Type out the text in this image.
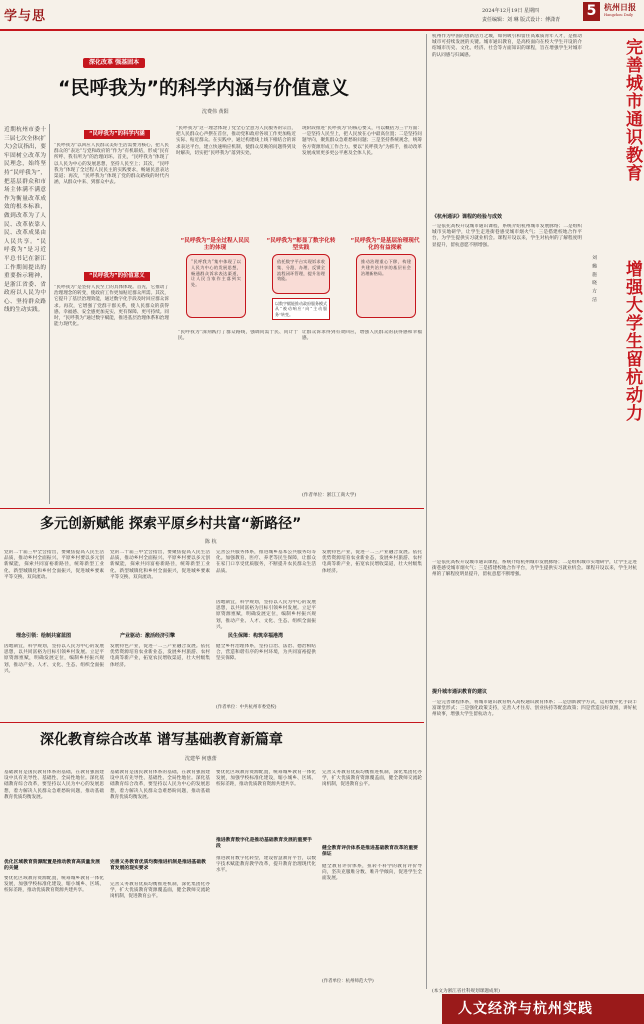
学与思	2024年12月19日 星期四
责任编辑：刘 琳 版式设计：傅潇青
5 杭州日报
Hangzhou Daily
深化改革 强基固本
“民呼我为”的科学内涵与价值意义
沈费伟 黄阳
近期杭州市委十三届七次全体(扩大)会议指出，要牢固树立改革为民理念，始终坚持“民呼我为”，把基层群众和市场主体满不满意作为衡量改革成效的根本标准，做到改革为了人民、改革依靠人民、改革成果由人民共享。“民呼我为”是习近平总书记在浙江工作期间提出的重要指示精神，是浙江省委、省政府以人民为中心、坚持群众路线的生动实践。
“民呼我为”的科学内涵
“民呼我为”以回应人民群众美好生活需要为核心，把人民群众的“表达”与党和政府的“作为”有机联结，形成“民有所呼、我有所为”的治理闭环。首先，“民呼我为”体现了以人民为中心的发展思想，坚持人民至上；其次，“民呼我为”体现了全过程人民民主的实践要求，畅通民意表达渠道；再次，“民呼我为”体现了党的群众路线的时代内涵，从群众中来、到群众中去。
“民呼我为”的价值意义
“民呼我为”是坚持人民至上的具体体现。首先，它推动了治理理念的转变，使政府工作更加贴近群众所需。其次，它提升了基层治理效能，通过数字化手段及时回应群众诉求。再次，它增强了党群干群关系，使人民群众的获得感、幸福感、安全感更加充实、更有保障、更可持续。同时，“民呼我为”通过数字赋能，推进基层治理体系和治理能力现代化。
“民呼我为”这一理念体现了党全心全意为人民服务的宗旨，把人民群众心声摆在首位，推动党和政府各项工作更加贴近实际、贴近群众。在实践中，通过构建线上线下相结合的诉求表达平台，建立快速响应机制，使群众反映的问题得到及时解决，切实把“民呼我为”落到实处。
现阶段推进“民呼我为”的核心要义，可以概括为三个方面：一是坚持人民至上，把人民放在心中最高位置；二是坚持问题导向，聚焦群众急难愁盼问题；三是坚持系统观念，统筹各方资源形成工作合力。要以“民呼我为”为抓手，推动改革发展成果更多更公平惠及全体人民。
“民呼我为”是全过程人民民主的体现
“民呼我为”彰显了数字化转型实践
“民呼我为”是基层治理现代化的有益探索
“民呼我为”集中体现了以人民为中心的发展思想，畅通群众诉求表达渠道，让人民当家作主落到实处。
依托数字平台实现诉求收集、分派、办理、反馈全流程闭环管理，提升治理效能。
以数字赋能推动政府服务模式从“被动响应”向“主动服务”转变。
推动治理重心下移，构建共建共治共享的基层社会治理新格局。
“民呼我为”深刻践行了群众路线，强调问需于民、问计于民。
让群众诉求得到有效回应，增强人民群众的获得感和幸福感。
(作者单位：浙江工商大学)
杭州作为中国的创新活力之城，如何吸引和留住高素质青年人才，是推动城市可持续发展的关键。城市通识教育，是高校面向在校大学生开设的介绍城市历史、文化、经济、社会等方面知识的课程，旨在增强学生对城市的认同感与归属感。	完善城市通识教育
增强大学生留杭动力
刘 璐 施 晓 方 洁
《杭州通识》课程的经验与成效
一是依托高校开设城市通识课程，系统介绍杭州城市发展脉络；二是组织城市实地研学，让学生走进街巷感受城市烟火气；三是搭建校地合作平台，为学生提供实习就业机会。课程开设以来，学生对杭州的了解程度明显提升，留杭意愿不断增强。
一是依托高校开设城市通识课程，系统介绍杭州城市发展脉络；二是组织城市实地研学，让学生走进街巷感受城市烟火气；三是搭建校地合作平台，为学生提供实习就业机会。课程开设以来，学生对杭州的了解程度明显提升，留杭意愿不断增强。
提升城市通识教育的建议
一是完善课程体系，将城市通识教育纳入高校通识教育体系；二是创新教学方式，运用数字化手段丰富课堂形式；三是强化政策支持，完善人才住房、创业扶持等配套政策；四是营造良好氛围，讲好杭州故事，增强大学生留杭动力。
(本文为浙江省社科规划课题成果)
多元创新赋能 探索平原乡村共富“新路径”
陈 杭
党的二十届三中全会指出，要聚焦提高人民生活品质，推动乡村全面振兴。平原乡村要以多元创新赋能，探索共同富裕新路径，统筹新型工业化、新型城镇化和乡村全面振兴，促进城乡要素平等交换、双向流动。
理念引领：绘制共富蓝图
因地制宜，科学规划，坚持以人民为中心的发展思想，以共同富裕为目标引领乡村发展。立足平原资源禀赋，明确发展定位，编制乡村振兴规划，推动产业、人才、文化、生态、组织全面振兴。
党的二十届三中全会指出，要聚焦提高人民生活品质，推动乡村全面振兴。平原乡村要以多元创新赋能，探索共同富裕新路径，统筹新型工业化、新型城镇化和乡村全面振兴，促进城乡要素平等交换、双向流动。
产业驱动：激活经济引擎
发展特色产业，促进一二三产业融合发展。依托优势资源培育农业新业态，发展乡村旅游、农村电商等新产业，拓宽农民增收渠道，壮大村级集体经济。
完善公共服务体系，推进城乡基本公共服务均等化。加强教育、医疗、养老等民生保障，让群众在家门口享受优质服务，不断提升农民群众生活品质。
因地制宜，科学规划，坚持以人民为中心的发展思想，以共同富裕为目标引领乡村发展。立足平原资源禀赋，明确发展定位，编制乡村振兴规划，推动产业、人才、文化、生态、组织全面振兴。
民生保障：构筑幸福港湾
健全乡村治理体系，坚持自治、法治、德治相结合，营造和谐有序的乡村环境，为共同富裕提供坚实保障。
(作者单位：中共杭州市委党校)
发展特色产业，促进一二三产业融合发展。依托优势资源培育农业新业态，发展乡村旅游、农村电商等新产业，拓宽农民增收渠道，壮大村级集体经济。
深化教育综合改革 谱写基础教育新篇章
沈建华 何惠蕾
基础教育是国民教育体系的基础，在教育强国建设中具有先导性、基础性、全局性地位。深化基础教育综合改革，要坚持以人民为中心的发展思想，着力解决人民群众急难愁盼问题，推动基础教育优质均衡发展。
优化区域教育资源配置是推动教育高质量发展的关键
要优化区域教育资源配置，统筹城乡教育一体化发展，加强学校标准化建设，缩小城乡、区域、校际差距，推动优质教育资源共建共享。
基础教育是国民教育体系的基础，在教育强国建设中具有先导性、基础性、全局性地位。深化基础教育综合改革，要坚持以人民为中心的发展思想，着力解决人民群众急难愁盼问题，推动基础教育优质均衡发展。
完善义务教育优质均衡推进机制是推进基础教育发展的现实要求
完善义务教育优质均衡推进机制，深化集团化办学，扩大优质教育资源覆盖面，健全教师交流轮岗机制，促进教育公平。
要优化区域教育资源配置，统筹城乡教育一体化发展，加强学校标准化建设，缩小城乡、区域、校际差距，推动优质教育资源共建共享。
推进教育数字化是推动基础教育发展的重要手段
推进教育数字化转型，建设智慧教育平台，以数字技术赋能教育教学改革，提升教育治理现代化水平。
完善义务教育优质均衡推进机制，深化集团化办学，扩大优质教育资源覆盖面，健全教师交流轮岗机制，促进教育公平。
健全教育评价体系是推进基础教育改革的重要保证
健全教育评价体系，扭转不科学的教育评价导向，坚决克服唯分数、唯升学倾向，促进学生全面发展。
(作者单位：杭州师范大学)
人文经济与杭州实践
